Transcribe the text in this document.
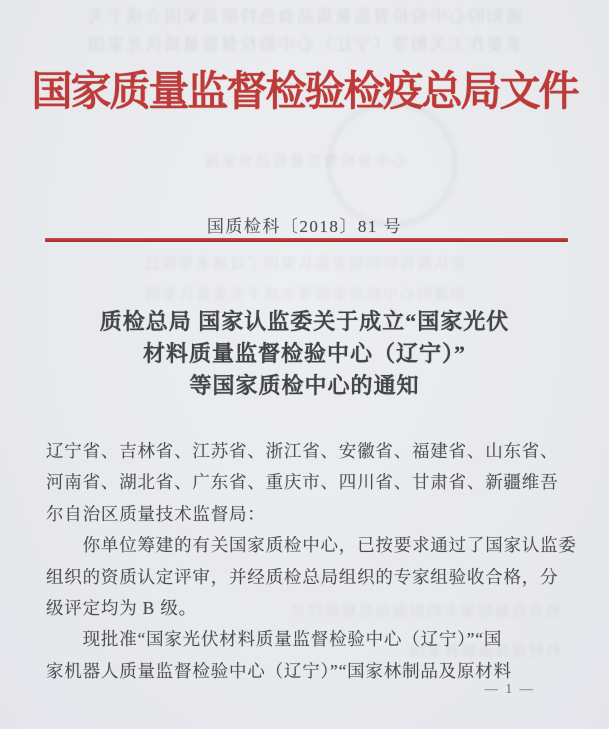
通知的心中验检督监量质品食色特原高家国立成于关
求要作工关相等（宁辽）心中验检督监量质伏光家国
心中验检督监量质品食家国
定认质资的织组委监认家国了过通求要按已
知通的心中检质家国等立成于关委监认家国
格合收验组家专的织组局总检质经并
料材原及品制林家国
国家质量监督检验检疫总局文件
国质检科〔2018〕81 号
质检总局 国家认监委关于成立“国家光伏
材料质量监督检验中心（辽宁）”
等国家质检中心的通知
辽宁省、吉林省、江苏省、浙江省、安徽省、福建省、山东省、
河南省、湖北省、广东省、重庆市、四川省、甘肃省、新疆维吾
尔自治区质量技术监督局：
　　你单位筹建的有关国家质检中心，已按要求通过了国家认监委
组织的资质认定评审，并经质检总局组织的专家组验收合格，分
级评定均为 B 级。
　　现批准“国家光伏材料质量监督检验中心（辽宁）”“国
家机器人质量监督检验中心（辽宁）”“国家林制品及原材料
— 1 —
